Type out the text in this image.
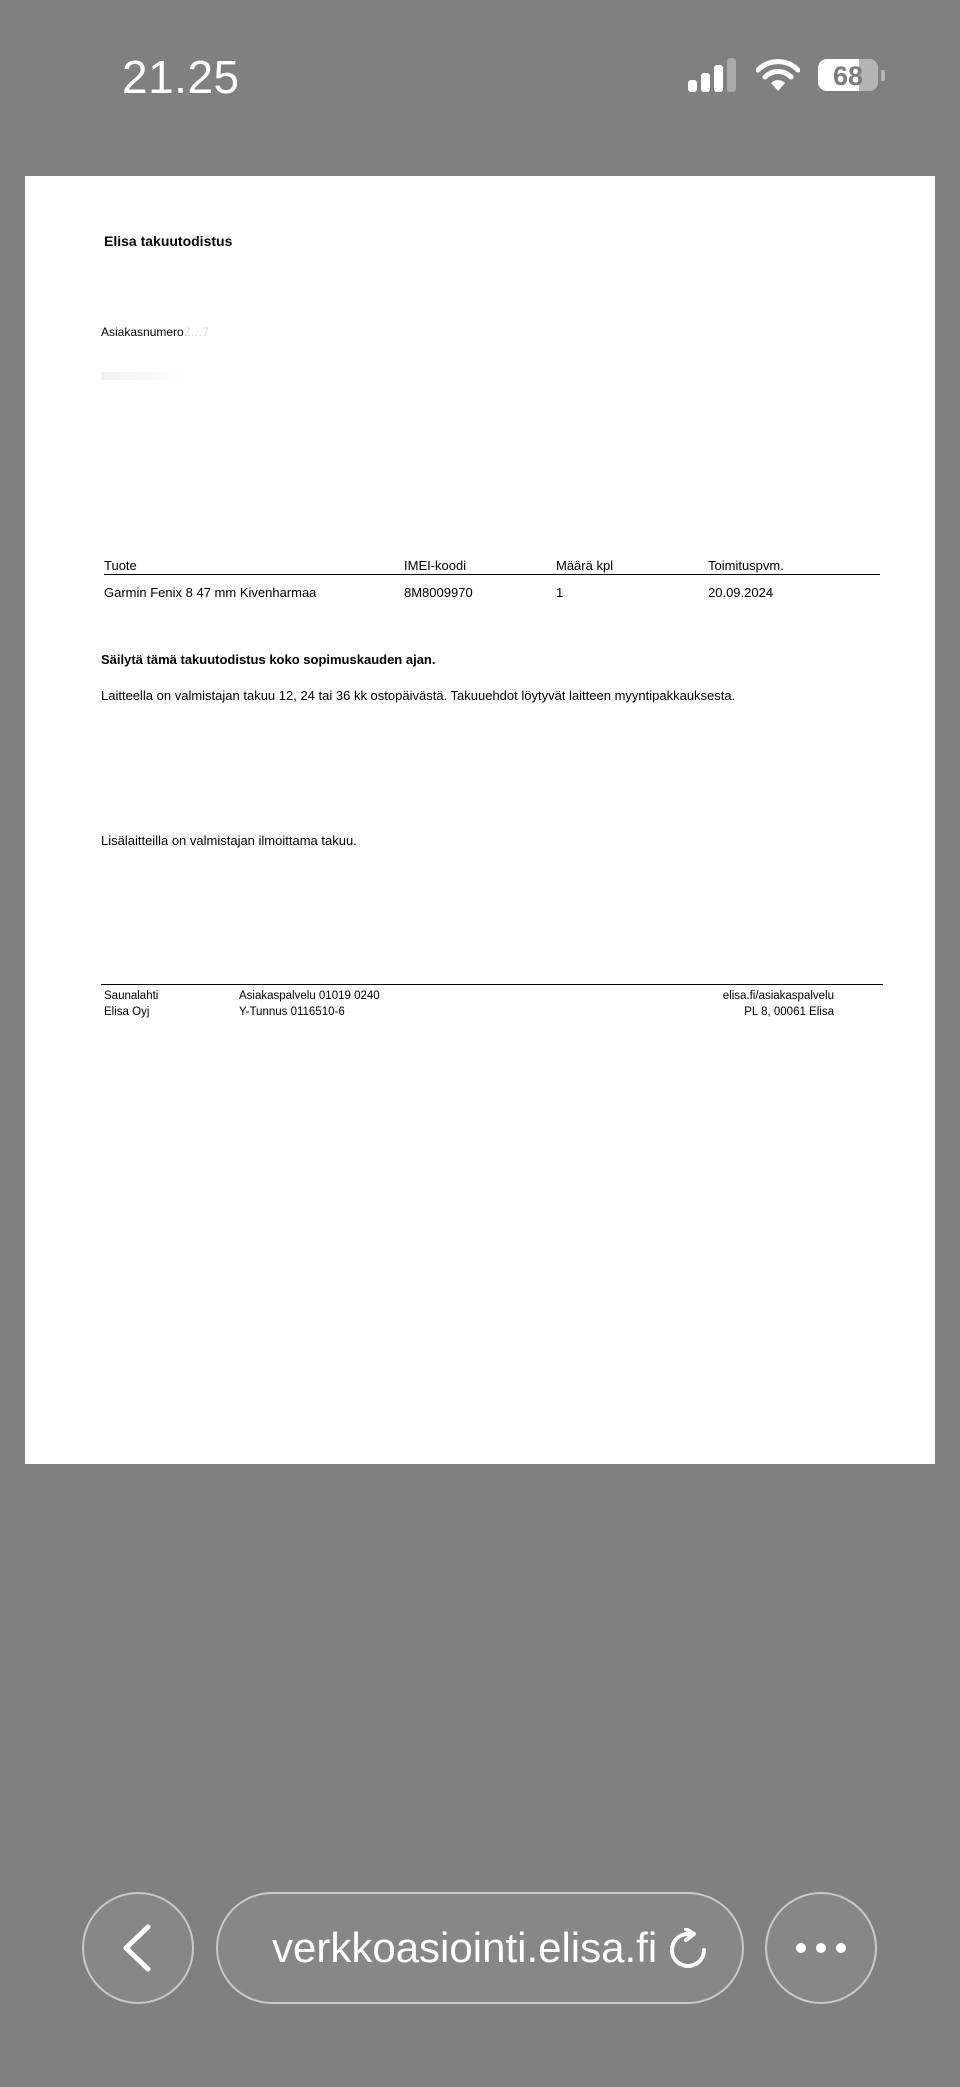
21.25	68
Elisa takuutodistus
Asiakasnumero2…7
Tuote	IMEI-koodi	Määrä kpl	Toimituspvm.
Garmin Fenix 8 47 mm Kivenharmaa	8M8009970	1	20.09.2024
Säilytä tämä takuutodistus koko sopimuskauden ajan.
Laitteella on valmistajan takuu 12, 24 tai 36 kk ostopäivästä. Takuuehdot löytyvät laitteen myyntipakkauksesta.
Lisälaitteilla on valmistajan ilmoittama takuu.
Saunalahti
Elisa Oyj
Asiakaspalvelu 01019 0240
Y-Tunnus 0116510-6
elisa.fi/asiakaspalvelu
PL 8, 00061 Elisa
verkkoasiointi.elisa.fi
